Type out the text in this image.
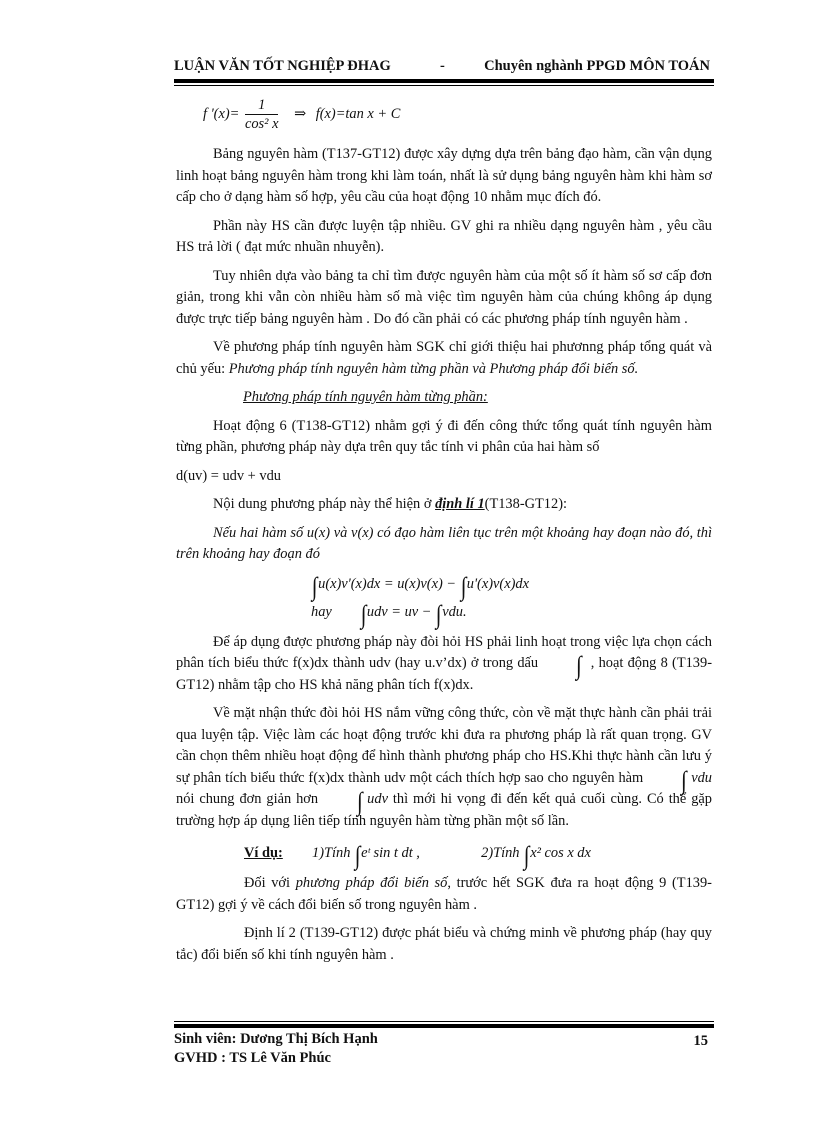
LUẬN VĂN TỐT NGHIỆP ĐHAG	-	Chuyên nghành PPGD MÔN TOÁN
f '$(x)= \frac{1}{\text{cos² x}}$ ⇒ f(x)=tan x + C

Bảng nguyên hàm (T137-GT12) được xây dựng dựa trên bảng đạo hàm, cần vận dụng linh hoạt bảng nguyên hàm trong khi làm toán, nhất là sử dụng bảng nguyên hàm khi hàm sơ cấp cho ở dạng hàm số hợp, yêu cầu của hoạt động 10 nhằm mục đích đó.

Phần này HS cần được luyện tập nhiều. GV ghi ra nhiều dạng nguyên hàm , yêu cầu HS trả lời ( đạt mức nhuần nhuyễn).

Tuy nhiên dựa vào bảng ta chỉ tìm được nguyên hàm của một số ít hàm số sơ cấp đơn giản, trong khi vẫn còn nhiều hàm số mà việc tìm nguyên hàm của chúng không áp dụng được trực tiếp bảng nguyên hàm . Do đó cần phải có các phương pháp tính nguyên hàm .

Về phương pháp tính nguyên hàm SGK chỉ giới thiệu hai phươnng pháp tổng quát và chủ yếu: Phương pháp tính nguyên hàm từng phần và Phương pháp đổi biến số.

Phương pháp tính nguyên hàm từng phần:

Hoạt động 6 (T138-GT12) nhằm gợi ý đi đến công thức tổng quát tính nguyên hàm từng phần, phương pháp này dựa trên quy tắc tính vi phân của hai hàm số

d(uv) = udv + vdu

Nội dung phương pháp này thể hiện ở định lí 1(T138-GT12):

Nếu hai hàm số u(x) và v(x) có đạo hàm liên tục trên một khoảng hay đoạn nào đó, thì trên khoảng hay đoạn đó

∫u(x)v'(x)dx = u(x)v(x) − ∫u'(x)v(x)dx
hay ∫udv = uv − ∫vdu.

Để áp dụng được phương pháp này đòi hỏi HS phải linh hoạt trong việc lựa chọn cách phân tích biểu thức f(x)dx thành udv (hay u.v’dx) ở trong dấu ∫ , hoạt động 8 (T139-GT12) nhằm tập cho HS khả năng phân tích f(x)dx.

Về mặt nhận thức đòi hỏi HS nắm vững công thức, còn về mặt thực hành cần phải trải qua luyện tập. Việc làm các hoạt động trước khi đưa ra phương pháp là rất quan trọng. GV cần chọn thêm nhiều hoạt động để hình thành phương pháp cho HS.Khi thực hành cần lưu ý sự phân tích biểu thức f(x)dx thành udv một cách thích hợp sao cho nguyên hàm ∫ vdu nói chung đơn giản hơn ∫ udv thì mới hi vọng đi đến kết quả cuối cùng. Có thể gặp trường hợp áp dụng liên tiếp tính nguyên hàm từng phần một số lần.

Ví dụ: 1)Tính ∫eᵗ sin t dt ,	2)Tính ∫x² cos x dx

Đối với phương pháp đổi biến số, trước hết SGK đưa ra hoạt động 9 (T139-GT12) gợi ý về cách đổi biến số trong nguyên hàm .

Định lí 2 (T139-GT12) được phát biểu và chứng minh về phương pháp (hay quy tắc) đổi biến số khi tính nguyên hàm .

Sinh viên: Dương Thị Bích Hạnh
GVHD : TS Lê Văn Phúc
15
